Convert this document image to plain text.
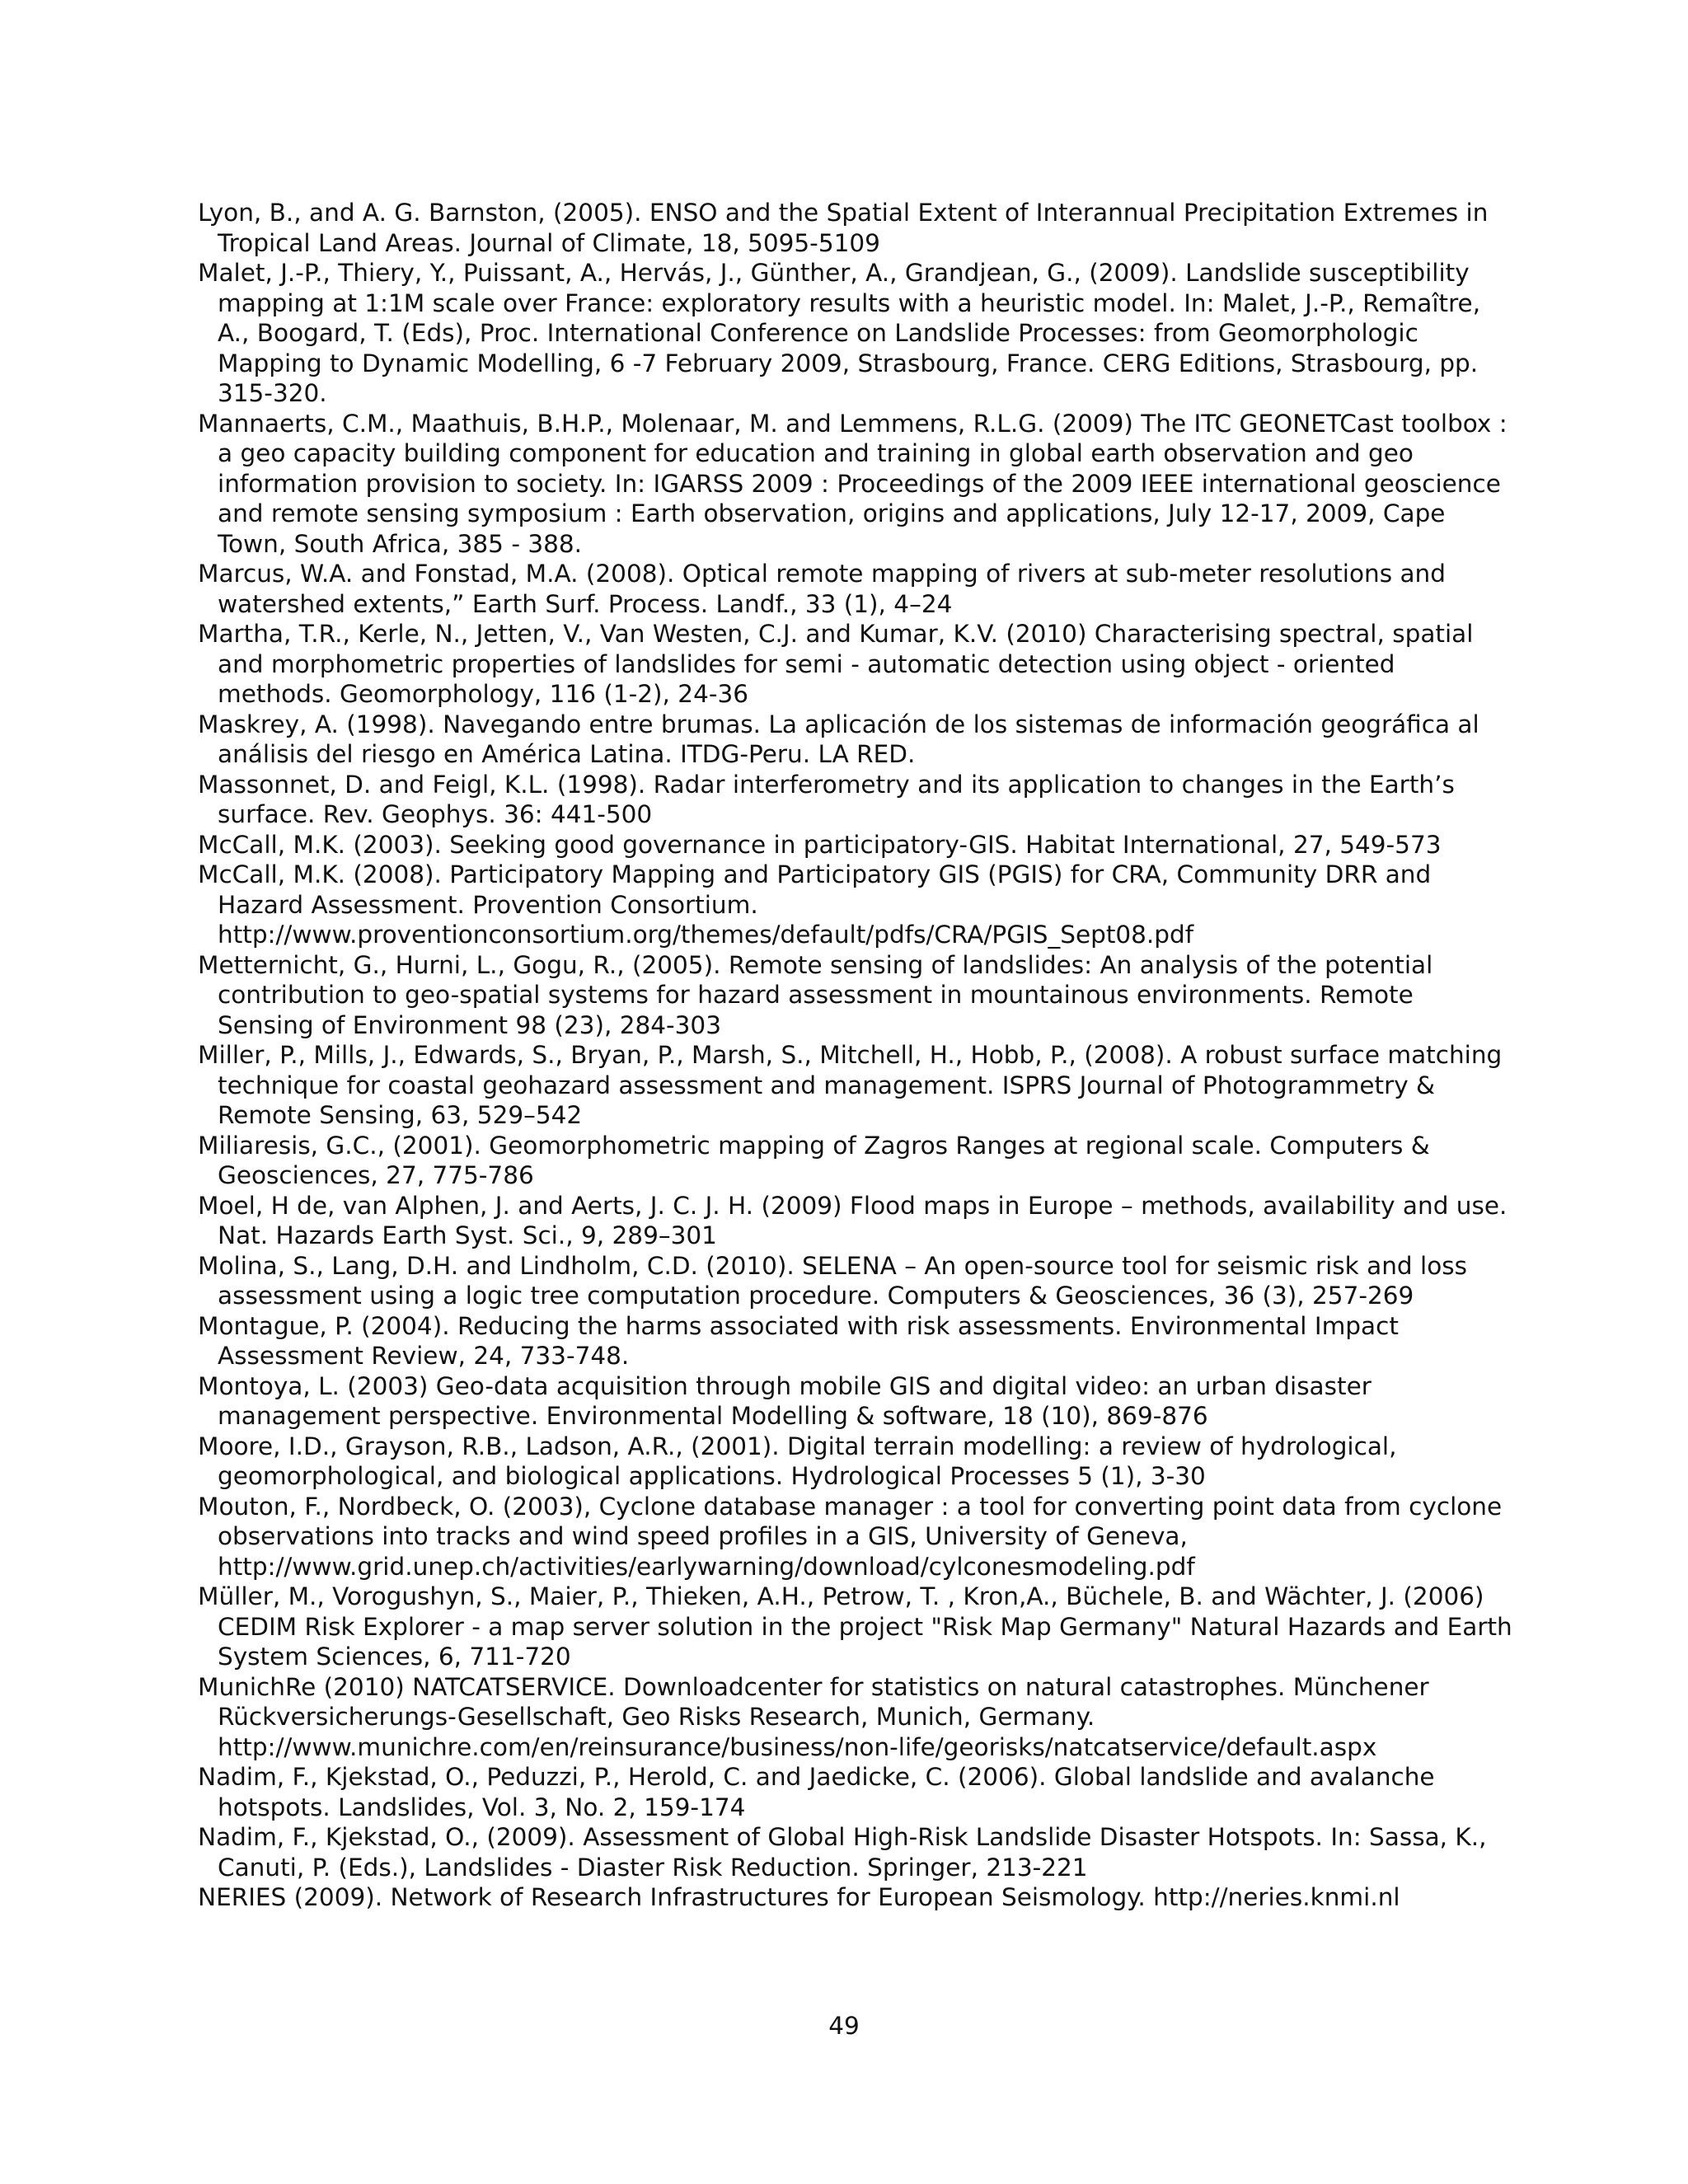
Lyon, B., and A. G. Barnston, (2005). ENSO and the Spatial Extent of Interannual Precipitation Extremes in Tropical Land Areas. Journal of Climate, 18, 5095-5109

Malet, J.-P., Thiery, Y., Puissant, A., Hervás, J., Günther, A., Grandjean, G., (2009). Landslide susceptibility mapping at 1:1M scale over France: exploratory results with a heuristic model. In: Malet, J.-P., Remaître, A., Boogard, T. (Eds), Proc. International Conference on Landslide Processes: from Geomorphologic Mapping to Dynamic Modelling, 6 -7 February 2009, Strasbourg, France. CERG Editions, Strasbourg, pp. 315-320.

Mannaerts, C.M., Maathuis, B.H.P., Molenaar, M. and Lemmens, R.L.G. (2009) The ITC GEONETCast toolbox : a geo capacity building component for education and training in global earth observation and geo information provision to society. In: IGARSS 2009 : Proceedings of the 2009 IEEE international geoscience and remote sensing symposium : Earth observation, origins and applications, July 12-17, 2009, Cape Town, South Africa, 385 - 388.

Marcus, W.A. and Fonstad, M.A. (2008). Optical remote mapping of rivers at sub-meter resolutions and watershed extents,” Earth Surf. Process. Landf., 33 (1), 4–24

Martha, T.R., Kerle, N., Jetten, V., Van Westen, C.J. and Kumar, K.V. (2010) Characterising spectral, spatial and morphometric properties of landslides for semi - automatic detection using object - oriented methods. Geomorphology, 116 (1-2), 24-36

Maskrey, A. (1998). Navegando entre brumas. La aplicación de los sistemas de información geográfica al análisis del riesgo en América Latina. ITDG-Peru. LA RED.

Massonnet, D. and Feigl, K.L. (1998). Radar interferometry and its application to changes in the Earth’s surface. Rev. Geophys. 36: 441-500

McCall, M.K. (2003). Seeking good governance in participatory-GIS. Habitat International, 27, 549-573

McCall, M.K. (2008). Participatory Mapping and Participatory GIS (PGIS) for CRA, Community DRR and Hazard Assessment. Provention Consortium. http://www.proventionconsortium.org/themes/default/pdfs/CRA/PGIS_Sept08.pdf

Metternicht, G., Hurni, L., Gogu, R., (2005). Remote sensing of landslides: An analysis of the potential contribution to geo-spatial systems for hazard assessment in mountainous environments. Remote Sensing of Environment 98 (23), 284-303

Miller, P., Mills, J., Edwards, S., Bryan, P., Marsh, S., Mitchell, H., Hobb, P., (2008). A robust surface matching technique for coastal geohazard assessment and management. ISPRS Journal of Photogrammetry & Remote Sensing, 63, 529–542

Miliaresis, G.C., (2001). Geomorphometric mapping of Zagros Ranges at regional scale. Computers & Geosciences, 27, 775-786

Moel, H de, van Alphen, J. and Aerts, J. C. J. H. (2009) Flood maps in Europe – methods, availability and use. Nat. Hazards Earth Syst. Sci., 9, 289–301

Molina, S., Lang, D.H. and Lindholm, C.D. (2010). SELENA – An open-source tool for seismic risk and loss assessment using a logic tree computation procedure. Computers & Geosciences, 36 (3), 257-269

Montague, P. (2004). Reducing the harms associated with risk assessments. Environmental Impact Assessment Review, 24, 733-748.

Montoya, L. (2003) Geo-data acquisition through mobile GIS and digital video: an urban disaster management perspective. Environmental Modelling & software, 18 (10), 869-876

Moore, I.D., Grayson, R.B., Ladson, A.R., (2001). Digital terrain modelling: a review of hydrological, geomorphological, and biological applications. Hydrological Processes 5 (1), 3-30

Mouton, F., Nordbeck, O. (2003), Cyclone database manager : a tool for converting point data from cyclone observations into tracks and wind speed profiles in a GIS, University of Geneva, http://www.grid.unep.ch/activities/earlywarning/download/cylconesmodeling.pdf

Müller, M., Vorogushyn, S., Maier, P., Thieken, A.H., Petrow, T. , Kron,A., Büchele, B. and Wächter, J. (2006) CEDIM Risk Explorer - a map server solution in the project "Risk Map Germany" Natural Hazards and Earth System Sciences, 6, 711-720

MunichRe (2010) NATCATSERVICE. Downloadcenter for statistics on natural catastrophes. Münchener Rückversicherungs-Gesellschaft, Geo Risks Research, Munich, Germany. http://www.munichre.com/en/reinsurance/business/non-life/georisks/natcatservice/default.aspx

Nadim, F., Kjekstad, O., Peduzzi, P., Herold, C. and Jaedicke, C. (2006). Global landslide and avalanche hotspots. Landslides, Vol. 3, No. 2, 159-174

Nadim, F., Kjekstad, O., (2009). Assessment of Global High-Risk Landslide Disaster Hotspots. In: Sassa, K., Canuti, P. (Eds.), Landslides - Diaster Risk Reduction. Springer, 213-221

NERIES (2009). Network of Research Infrastructures for European Seismology. http://neries.knmi.nl

49
